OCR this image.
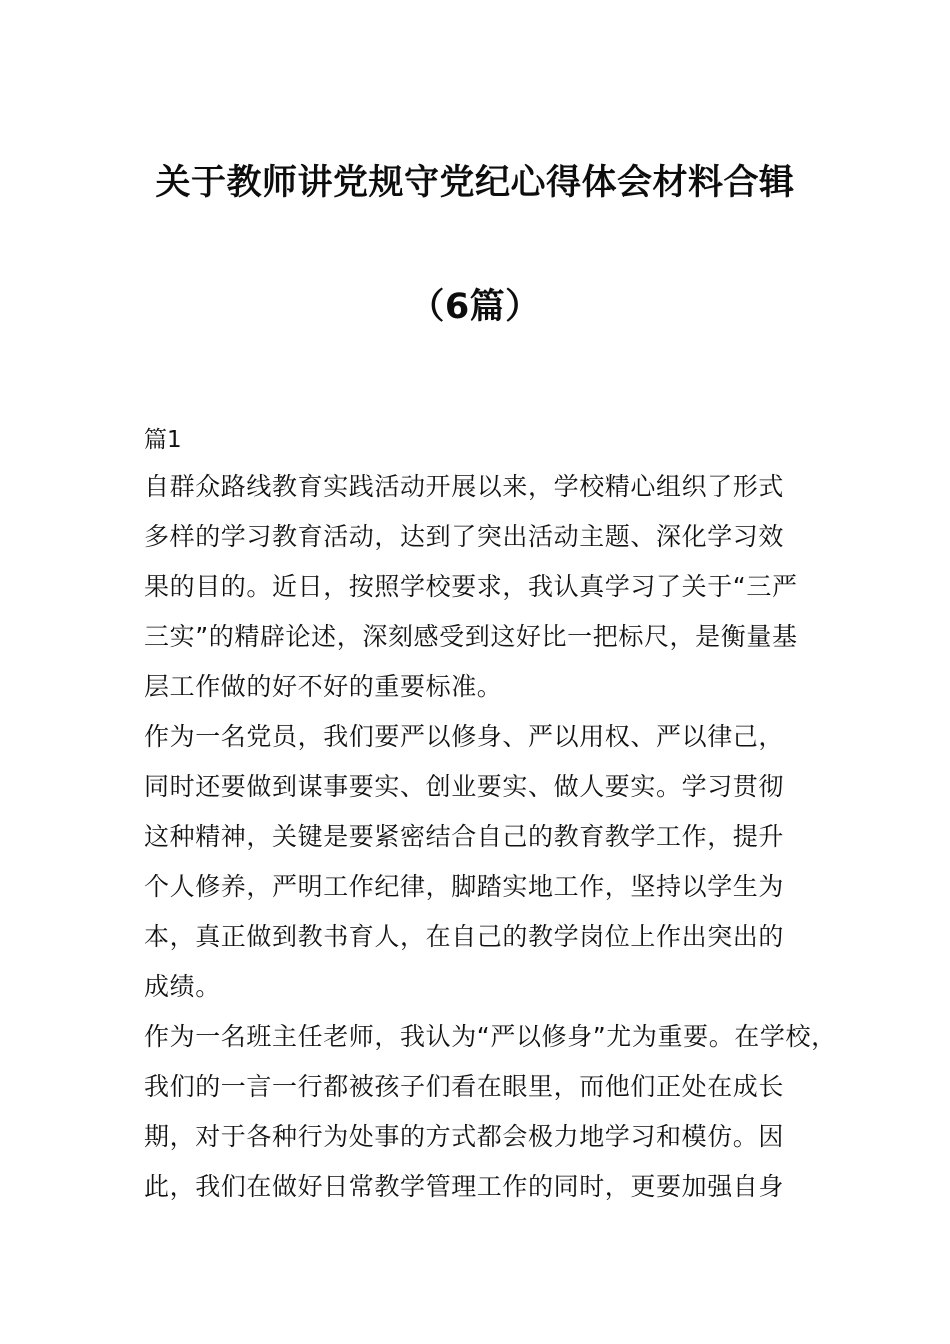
关于教师讲党规守党纪心得体会材料合辑
（6篇）

篇1

自群众路线教育实践活动开展以来，学校精心组织了形式
多样的学习教育活动，达到了突出活动主题、深化学习效
果的目的。近日，按照学校要求，我认真学习了关于“三严
三实”的精辟论述，深刻感受到这好比一把标尺，是衡量基
层工作做的好不好的重要标准。

作为一名党员，我们要严以修身、严以用权、严以律己，
同时还要做到谋事要实、创业要实、做人要实。学习贯彻
这种精神，关键是要紧密结合自己的教育教学工作，提升
个人修养，严明工作纪律，脚踏实地工作，坚持以学生为
本，真正做到教书育人，在自己的教学岗位上作出突出的
成绩。

作为一名班主任老师，我认为“严以修身”尤为重要。在学校，
我们的一言一行都被孩子们看在眼里，而他们正处在成长
期，对于各种行为处事的方式都会极力地学习和模仿。因
此，我们在做好日常教学管理工作的同时，更要加强自身
